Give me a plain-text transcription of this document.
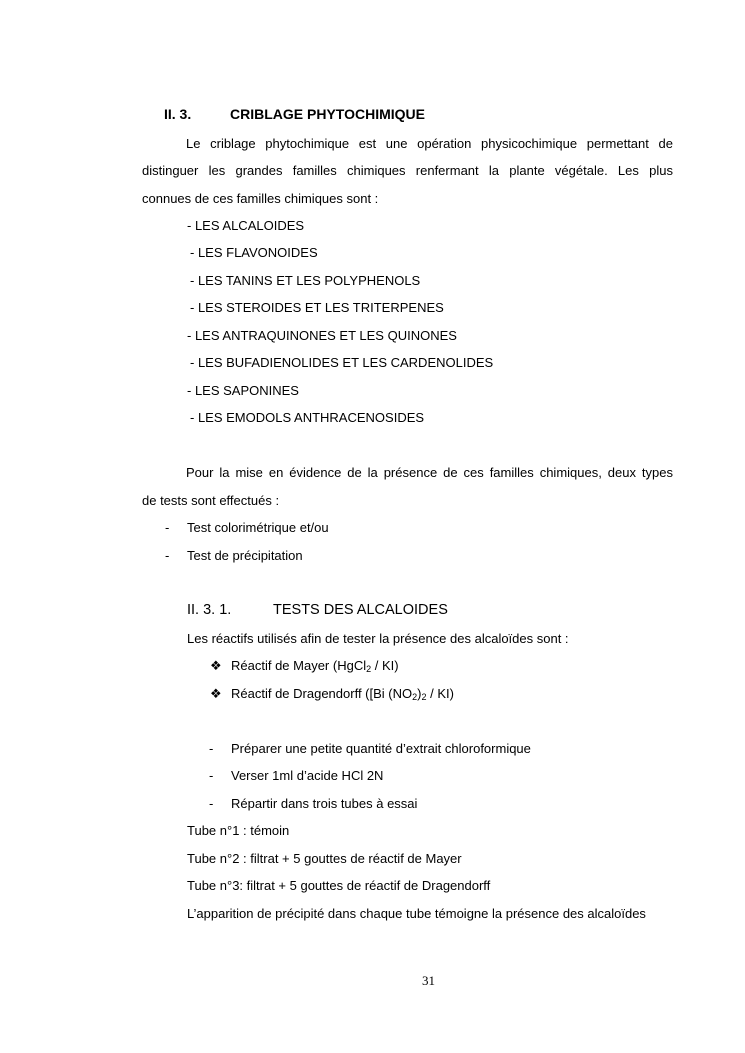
II. 3.	CRIBLAGE PHYTOCHIMIQUE
Le criblage phytochimique est une opération physicochimique permettant de
distinguer les grandes familles chimiques renfermant la plante végétale. Les plus
connues de ces familles chimiques sont :
- LES ALCALOIDES
- LES FLAVONOIDES
- LES TANINS ET LES POLYPHENOLS
- LES STEROIDES ET LES TRITERPENES
- LES ANTRAQUINONES ET LES QUINONES
- LES BUFADIENOLIDES ET LES CARDENOLIDES
- LES SAPONINES
- LES EMODOLS ANTHRACENOSIDES
Pour la mise en évidence de la présence de ces familles chimiques, deux types
de tests sont effectués :
- Test colorimétrique et/ou
- Test de précipitation
II. 3. 1.	TESTS DES ALCALOIDES
Les réactifs utilisés afin de tester la présence des alcaloïdes sont :
❖ Réactif de Mayer (HgCl$_2$ / KI)
❖ Réactif de Dragendorff ([Bi $(NO_2)_2 / KI$)
- Préparer une petite quantité d’extrait chloroformique
- Verser 1ml d’acide HCl 2N
- Répartir dans trois tubes à essai
Tube n°1 : témoin
Tube n°2 : filtrat + 5 gouttes de réactif de Mayer
Tube n°3: filtrat + 5 gouttes de réactif de Dragendorff
L’apparition de précipité dans chaque tube témoigne la présence des alcaloïdes
31
